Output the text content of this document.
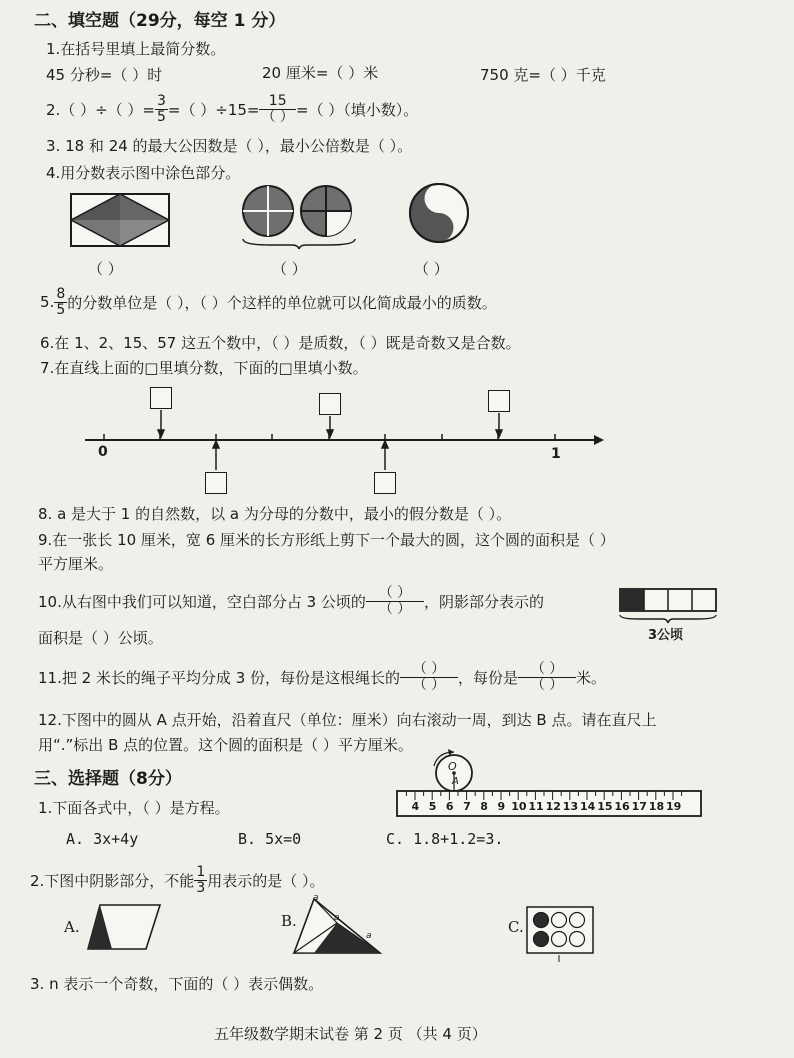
二、填空题（29分，每空 1 分）
1.在括号里填上最简分数。
45 分秒=（ ）时	20 厘米=（ ）米	750 克=（ ）千克
2.（ ）÷（ ）= $\frac{3}{5}$ =（ ）$\div 15= \frac{15}{( )}$ =（ ）（填小数）。
3. 18 和 24 的最大公因数是（ ），最小公倍数是（ ）。
4.用分数表示图中涂色部分。
（ ）	（ ）	（ ）
5. $\frac{8}{5}$ 的分数单位是（ ），（ ）个这样的单位就可以化简成最小的质数。
6.在 1、2、15、57 这五个数中，（ ）是质数，（ ）既是奇数又是合数。
7.在直线上面的□里填分数，下面的□里填小数。
0	1
8. a 是大于 1 的自然数，以 a 为分母的分数中，最小的假分数是（ ）。
9.在一张长 10 厘米，宽 6 厘米的长方形纸上剪下一个最大的圆，这个圆的面积是（ ）
平方厘米。
10.从右图中我们可以知道，空白部分占 3 公顷的 $\frac{( )}{( )}$ ，阴影部分表示的
面积是（ ）公顷。	3公顷
11.把 2 米长的绳子平均分成 3 份，每份是这根绳长的 $\frac{( )}{( )}$ ，每份是 $\frac{( )}{( )}$ 米。
12.下图中的圆从 A 点开始，沿着直尺（单位：厘米）向右滚动一周，到达 B 点。请在直尺上
用“.”标出 B 点的位置。这个圆的面积是（ ）平方厘米。
三、选择题（8分）
O
A
4 5 6 7 8 9 10 11 12 13 14 15 16 17 18 19
1.下面各式中，（ ）是方程。
A. 3x+4y	B. 5x=0	C. 1.8+1.2=3.
2.下图中阴影部分，不能 $\frac{1}{3}$ 用表示的是（ ）。
A.	B.
a
a
a	C.
3. n 表示一个奇数，下面的（ ）表示偶数。
五年级数学期末试卷 第 2 页 （共 4 页）
